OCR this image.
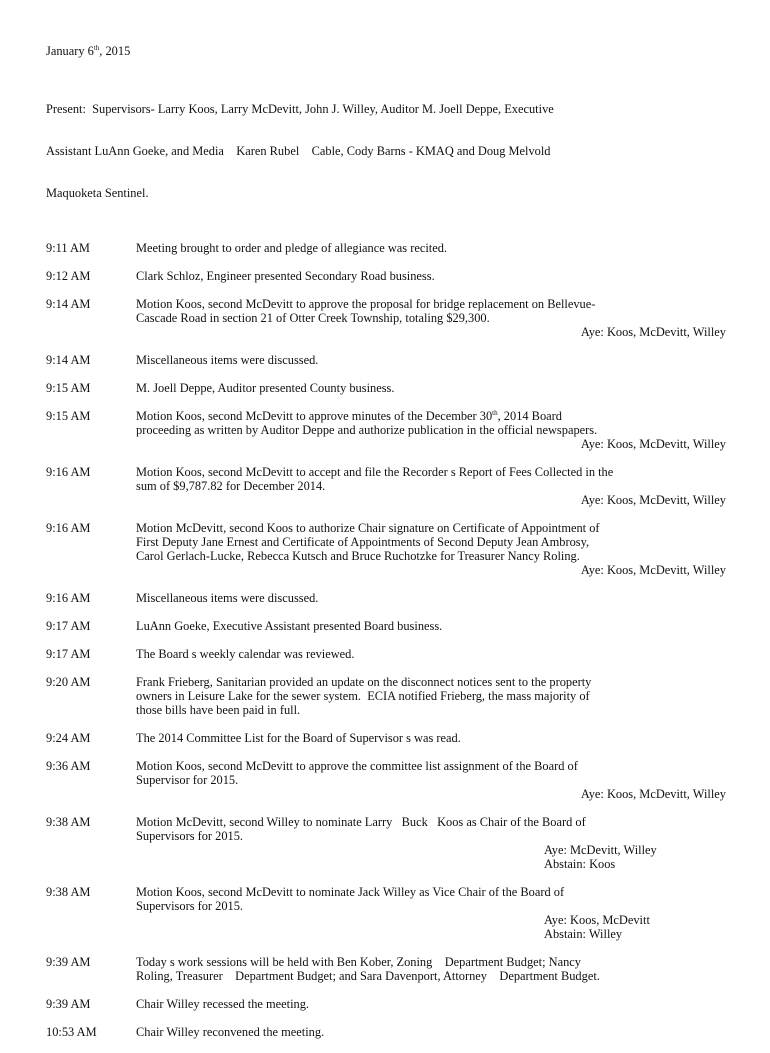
January 6th, 2015

Present:  Supervisors- Larry Koos, Larry McDevitt, John J. Willey, Auditor M. Joell Deppe, Executive

Assistant LuAnn Goeke, and Media    Karen Rubel    Cable, Cody Barns - KMAQ and Doug Melvold

Maquoketa Sentinel.

9:11 AM	Meeting brought to order and pledge of allegiance was recited.
9:12 AM	Clark Schloz, Engineer presented Secondary Road business.
9:14 AM	Motion Koos, second McDevitt to approve the proposal for bridge replacement on Bellevue-
Cascade Road in section 21 of Otter Creek Township, totaling $29,300.
Aye: Koos, McDevitt, Willey
9:14 AM	Miscellaneous items were discussed.
9:15 AM	M. Joell Deppe, Auditor presented County business.
9:15 AM	Motion Koos, second McDevitt to approve minutes of the December 30th, 2014 Board
proceeding as written by Auditor Deppe and authorize publication in the official newspapers.
Aye: Koos, McDevitt, Willey
9:16 AM	Motion Koos, second McDevitt to accept and file the Recorder s Report of Fees Collected in the
sum of $9,787.82 for December 2014.
Aye: Koos, McDevitt, Willey
9:16 AM	Motion McDevitt, second Koos to authorize Chair signature on Certificate of Appointment of
First Deputy Jane Ernest and Certificate of Appointments of Second Deputy Jean Ambrosy,
Carol Gerlach-Lucke, Rebecca Kutsch and Bruce Ruchotzke for Treasurer Nancy Roling.
Aye: Koos, McDevitt, Willey
9:16 AM	Miscellaneous items were discussed.
9:17 AM	LuAnn Goeke, Executive Assistant presented Board business.
9:17 AM	The Board s weekly calendar was reviewed.
9:20 AM	Frank Frieberg, Sanitarian provided an update on the disconnect notices sent to the property
owners in Leisure Lake for the sewer system.  ECIA notified Frieberg, the mass majority of
those bills have been paid in full.
9:24 AM	The 2014 Committee List for the Board of Supervisor s was read.
9:36 AM	Motion Koos, second McDevitt to approve the committee list assignment of the Board of
Supervisor for 2015.
Aye: Koos, McDevitt, Willey
9:38 AM	Motion McDevitt, second Willey to nominate Larry   Buck   Koos as Chair of the Board of
Supervisors for 2015.
Aye: McDevitt, Willey
Abstain: Koos
9:38 AM	Motion Koos, second McDevitt to nominate Jack Willey as Vice Chair of the Board of
Supervisors for 2015.
Aye: Koos, McDevitt
Abstain: Willey
9:39 AM	Today s work sessions will be held with Ben Kober, Zoning    Department Budget; Nancy
Roling, Treasurer    Department Budget; and Sara Davenport, Attorney    Department Budget.
9:39 AM	Chair Willey recessed the meeting.
10:53 AM	Chair Willey reconvened the meeting.
